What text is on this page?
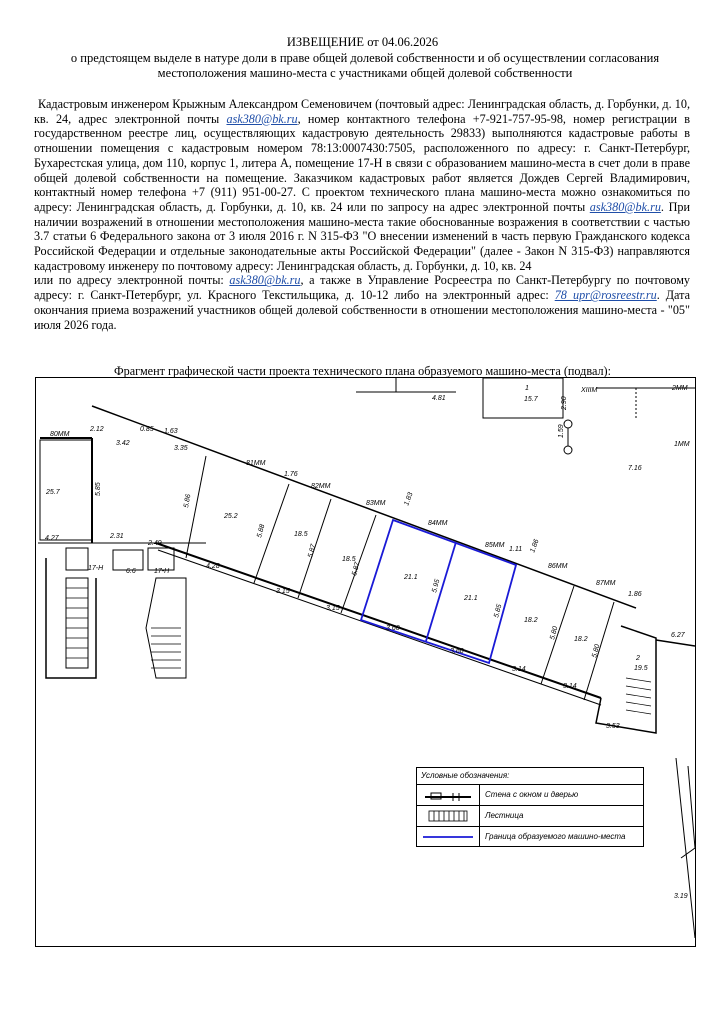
ИЗВЕЩЕНИЕ от 04.06.2026
о предстоящем выделе в натуре доли в праве общей долевой собственности и об осуществлении согласования местоположения машино-места с участниками общей долевой собственности

Кадастровым инженером Крыжным Александром Семеновичем (почтовый адрес: Ленинградская область, д. Горбунки, д. 10, кв. 24, адрес электронной почты ask380@bk.ru, номер контактного телефона +7-921-757-95-98, номер регистрации в государственном реестре лиц, осуществляющих кадастровую деятельность 29833) выполняются кадастровые работы в отношении помещения с кадастровым номером 78:13:0007430:7505, расположенного по адресу: г. Санкт-Петербург, Бухарестская улица, дом 110, корпус 1, литера А, помещение 17-Н в связи с образованием машино-места в счет доли в праве общей долевой собственности на помещение. Заказчиком кадастровых работ является Дождев Сергей Владимирович, контактный номер телефона +7 (911) 951-00-27. С проектом технического плана машино-места можно ознакомиться по адресу: Ленинградская область, д. Горбунки, д. 10, кв. 24 или по запросу на адрес электронной почты ask380@bk.ru. При наличии возражений в отношении местоположения машино-места такие обоснованные возражения в соответствии с частью 3.7 статьи 6 Федерального закона от 3 июля 2016 г. N 315-ФЗ "О внесении изменений в часть первую Гражданского кодекса Российской Федерации и отдельные законодательные акты Российской Федерации" (далее - Закон N 315-ФЗ) направляются кадастровому инженеру по почтовому адресу: Ленинградская область, д. Горбунки, д. 10, кв. 24

или по адресу электронной почты: ask380@bk.ru, а также в Управление Росреестра по Санкт-Петербургу по почтовому адресу: г. Санкт-Петербург, ул. Красного Текстильщика, д. 10-12 либо на электронный адрес: 78_upr@rosreestr.ru. Дата окончания приема возражений участников общей долевой собственности в отношении местоположения машино-места - "05" июля 2026 года.

Фрагмент графической части проекта технического плана образуемого машино-места (подвал):
4.81
1
15.7	2.90
XIIIМ	2ММ
1.59
1ММ
7.16
80ММ
2.12
3.42
0.85 1.63
3.35
25.7	5.85
4.27	2.31
2.49
17-Н	6.6	17-Н
4.28
81ММ
1.76
82ММ
83ММ	1.83
84ММ
85ММ
1.11 1.86
86ММ
87ММ
1.86
6.27
25.2
18.5
18.5
21.1
21.1
18.2
18.2
2
19.5
5.86
5.88
5.87
5.87
5.95
5.85
5.80
5.80
3.15
3.15
3.60
3.60
3.14
3.14
3.53
3.19
Условные обозначения:
Стена с окном и дверью
Лестница
Граница образуемого машино-места
